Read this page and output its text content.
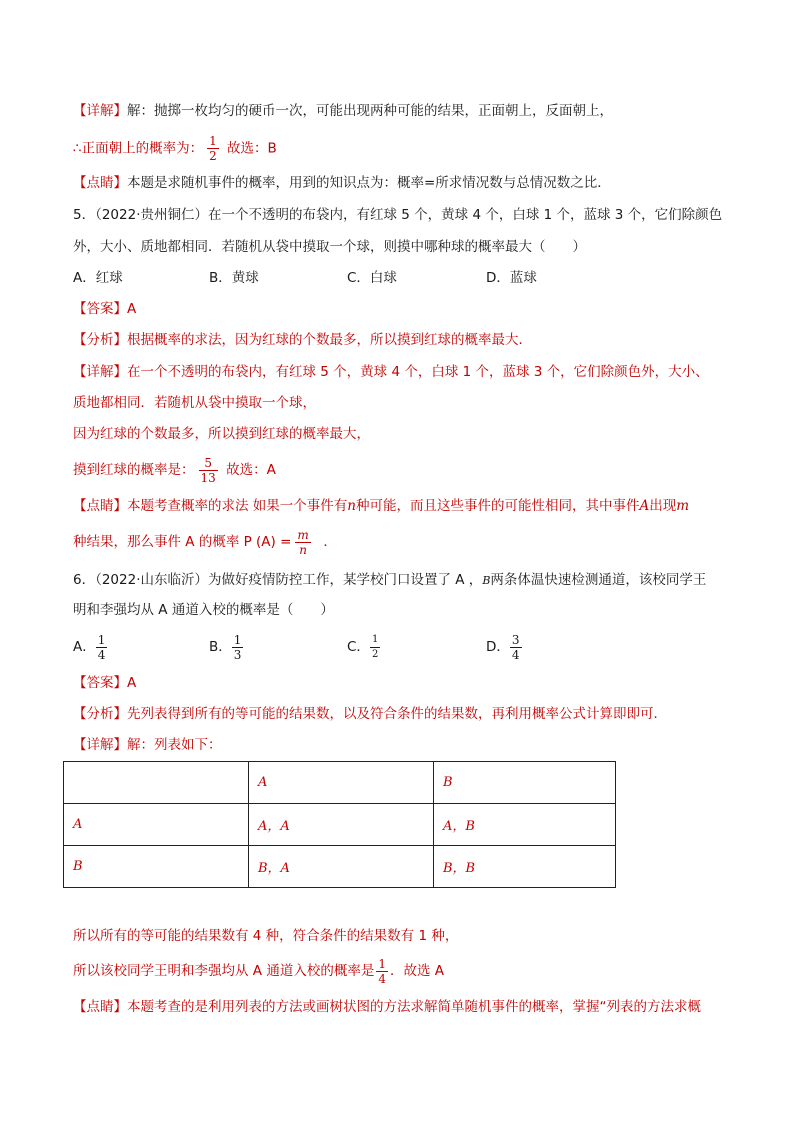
【详解】解：抛掷一枚均匀的硬币一次，可能出现两种可能的结果，正面朝上，反面朝上，
∴正面朝上的概率为： $\frac{1}{2}$ 故选：B
【点睛】本题是求随机事件的概率，用到的知识点为：概率=所求情况数与总情况数之比．
5．（2022·贵州铜仁）在一个不透明的布袋内，有红球 5 个，黄球 4 个，白球 1 个，蓝球 3 个，它们除颜色
外，大小、质地都相同．若随机从袋中摸取一个球，则摸中哪种球的概率最大（　　）
A．红球	B．黄球	C．白球	D．蓝球
【答案】A
【分析】根据概率的求法，因为红球的个数最多，所以摸到红球的概率最大．
【详解】在一个不透明的布袋内，有红球 5 个，黄球 4 个，白球 1 个，蓝球 3 个，它们除颜色外，大小、
质地都相同．若随机从袋中摸取一个球，
因为红球的个数最多，所以摸到红球的概率最大，
摸到红球的概率是： $\frac{5}{13}$ 故选：A
【点睛】本题考查概率的求法 如果一个事件有n种可能，而且这些事件的可能性相同，其中事件A出现m
种结果，那么事件 A 的概率 P $(A) = \frac{m}{n}$ ．
6．（2022·山东临沂）为做好疫情防控工作，某学校门口设置了 A ，B两条体温快速检测通道，该校同学王
明和李强均从 A 通道入校的概率是（　　）
A． $\frac{1}{4}$	B． $\frac{1}{3}$	C． $\frac{1}{2}$	D． $\frac{3}{4}$
【答案】A
【分析】先列表得到所有的等可能的结果数，以及符合条件的结果数，再利用概率公式计算即即可．
【详解】解：列表如下：
	A	B
A	A，A	A，B
B	B，A	B，B
所以所有的等可能的结果数有 4 种，符合条件的结果数有 1 种，
所以该校同学王明和李强均从 A 通道入校的概率是 $\frac{1}{4}$ ．故选 A
【点睛】本题考查的是利用列表的方法或画树状图的方法求解简单随机事件的概率，掌握“列表的方法求概
